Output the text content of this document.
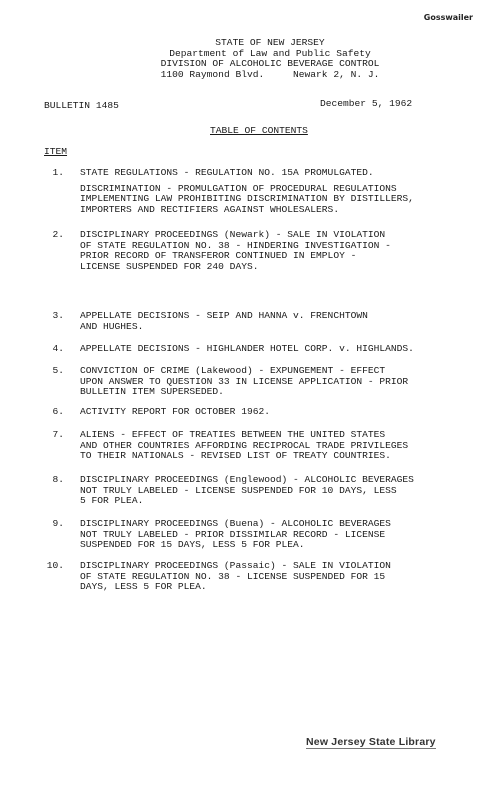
Gosswailer
STATE OF NEW JERSEY
Department of Law and Public Safety
DIVISION OF ALCOHOLIC BEVERAGE CONTROL
1100 Raymond Blvd.     Newark 2, N. J.
BULLETIN 1485	December 5, 1962
TABLE OF CONTENTS
ITEM
1. STATE REGULATIONS - REGULATION NO. 15A PROMULGATED.
DISCRIMINATION - PROMULGATION OF PROCEDURAL REGULATIONS
IMPLEMENTING LAW PROHIBITING DISCRIMINATION BY DISTILLERS,
IMPORTERS AND RECTIFIERS AGAINST WHOLESALERS.
2. DISCIPLINARY PROCEEDINGS (Newark) - SALE IN VIOLATION
OF STATE REGULATION NO. 38 - HINDERING INVESTIGATION -
PRIOR RECORD OF TRANSFEROR CONTINUED IN EMPLOY -
LICENSE SUSPENDED FOR 240 DAYS.
3. APPELLATE DECISIONS - SEIP AND HANNA v. FRENCHTOWN
AND HUGHES.
4. APPELLATE DECISIONS - HIGHLANDER HOTEL CORP. v. HIGHLANDS.
5. CONVICTION OF CRIME (Lakewood) - EXPUNGEMENT - EFFECT
UPON ANSWER TO QUESTION 33 IN LICENSE APPLICATION - PRIOR
BULLETIN ITEM SUPERSEDED.
6. ACTIVITY REPORT FOR OCTOBER 1962.
7. ALIENS - EFFECT OF TREATIES BETWEEN THE UNITED STATES
AND OTHER COUNTRIES AFFORDING RECIPROCAL TRADE PRIVILEGES
TO THEIR NATIONALS - REVISED LIST OF TREATY COUNTRIES.
8. DISCIPLINARY PROCEEDINGS (Englewood) - ALCOHOLIC BEVERAGES
NOT TRULY LABELED - LICENSE SUSPENDED FOR 10 DAYS, LESS
5 FOR PLEA.
9. DISCIPLINARY PROCEEDINGS (Buena) - ALCOHOLIC BEVERAGES
NOT TRULY LABELED - PRIOR DISSIMILAR RECORD - LICENSE
SUSPENDED FOR 15 DAYS, LESS 5 FOR PLEA.
10. DISCIPLINARY PROCEEDINGS (Passaic) - SALE IN VIOLATION
OF STATE REGULATION NO. 38 - LICENSE SUSPENDED FOR 15
DAYS, LESS 5 FOR PLEA.
New Jersey State Library
